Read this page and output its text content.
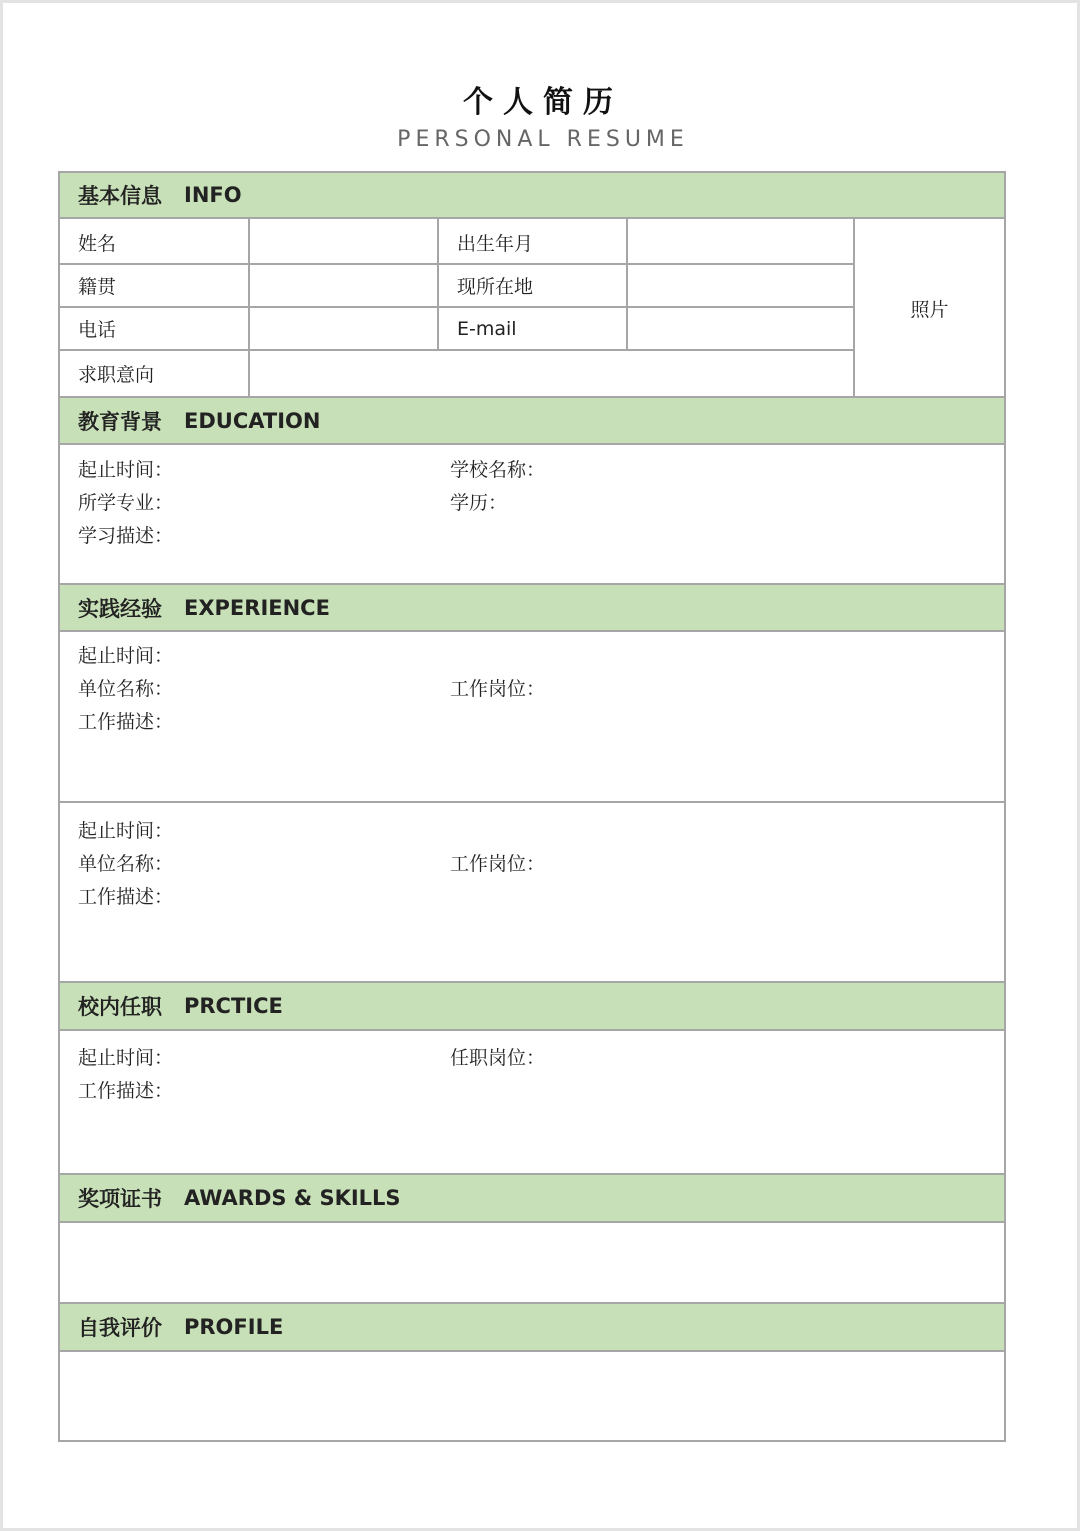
个人简历
PERSONAL RESUME
基本信息 INFO
姓名	出生年月
籍贯	现所在地
电话	E-mail
求职意向
照片
教育背景 EDUCATION
起止时间：	学校名称：
所学专业：	学历：
学习描述：
实践经验 EXPERIENCE
起止时间：
单位名称：	工作岗位：
工作描述：
起止时间：
单位名称：	工作岗位：
工作描述：
校内任职 PRCTICE
起止时间：	任职岗位：
工作描述：
奖项证书 AWARDS & SKILLS
自我评价 PROFILE
